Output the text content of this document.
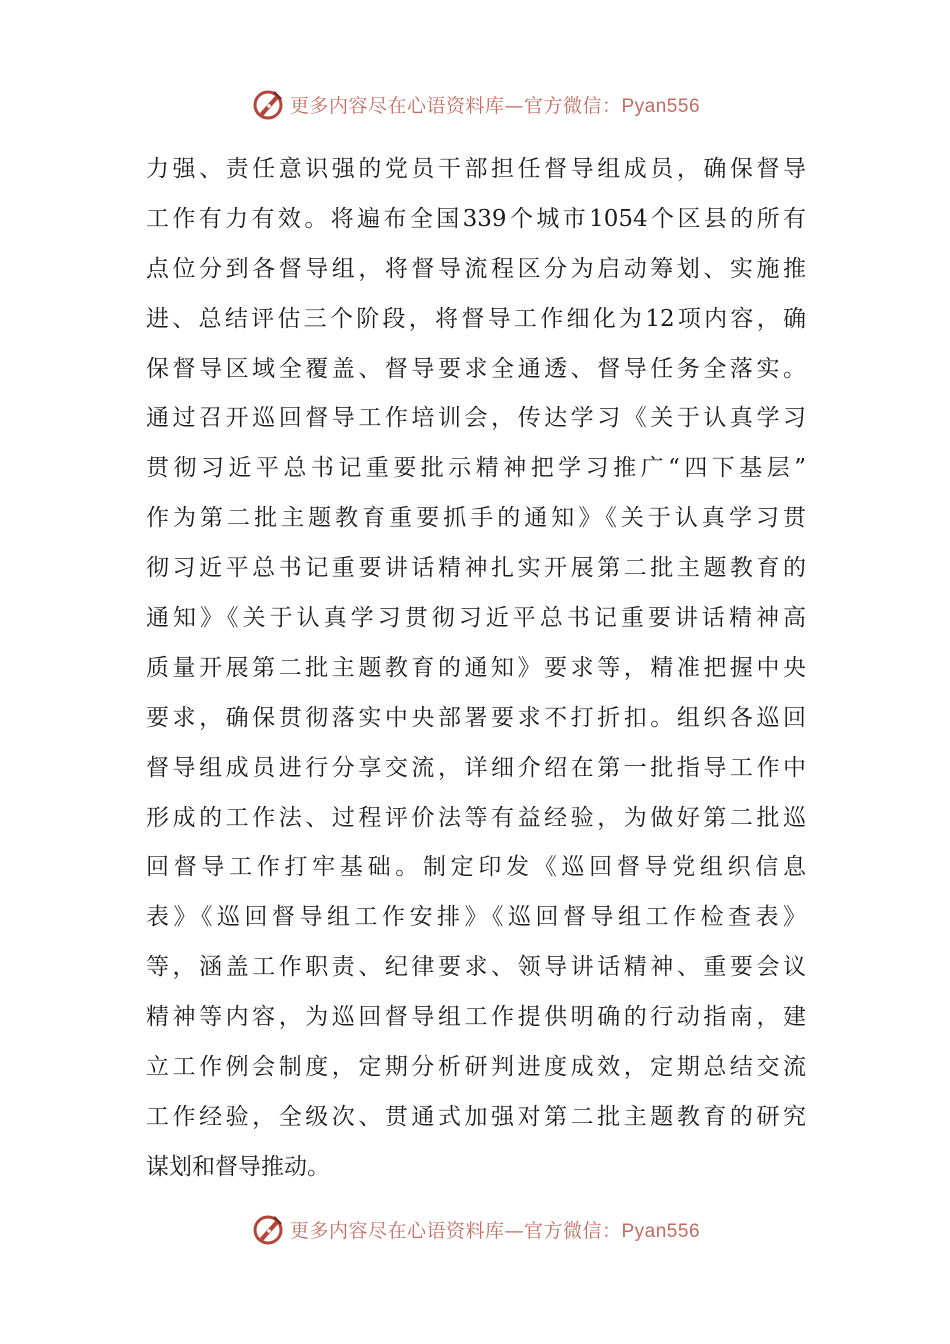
更多内容尽在心语资料库—官方微信：Pyan556
力强、责任意识强的党员干部担任督导组成员，确保督导
工作有力有效。将遍布全国339个城市1054个区县的所有
点位分到各督导组，将督导流程区分为启动筹划、实施推
进、总结评估三个阶段，将督导工作细化为12项内容，确
保督导区域全覆盖、督导要求全通透、督导任务全落实。
通过召开巡回督导工作培训会，传达学习《关于认真学习
贯彻习近平总书记重要批示精神把学习推广“四下基层”
作为第二批主题教育重要抓手的通知》《关于认真学习贯
彻习近平总书记重要讲话精神扎实开展第二批主题教育的
通知》《关于认真学习贯彻习近平总书记重要讲话精神高
质量开展第二批主题教育的通知》要求等，精准把握中央
要求，确保贯彻落实中央部署要求不打折扣。组织各巡回
督导组成员进行分享交流，详细介绍在第一批指导工作中
形成的工作法、过程评价法等有益经验，为做好第二批巡
回督导工作打牢基础。制定印发《巡回督导党组织信息
表》《巡回督导组工作安排》《巡回督导组工作检查表》
等，涵盖工作职责、纪律要求、领导讲话精神、重要会议
精神等内容，为巡回督导组工作提供明确的行动指南，建
立工作例会制度，定期分析研判进度成效，定期总结交流
工作经验，全级次、贯通式加强对第二批主题教育的研究
谋划和督导推动。
更多内容尽在心语资料库—官方微信：Pyan556
